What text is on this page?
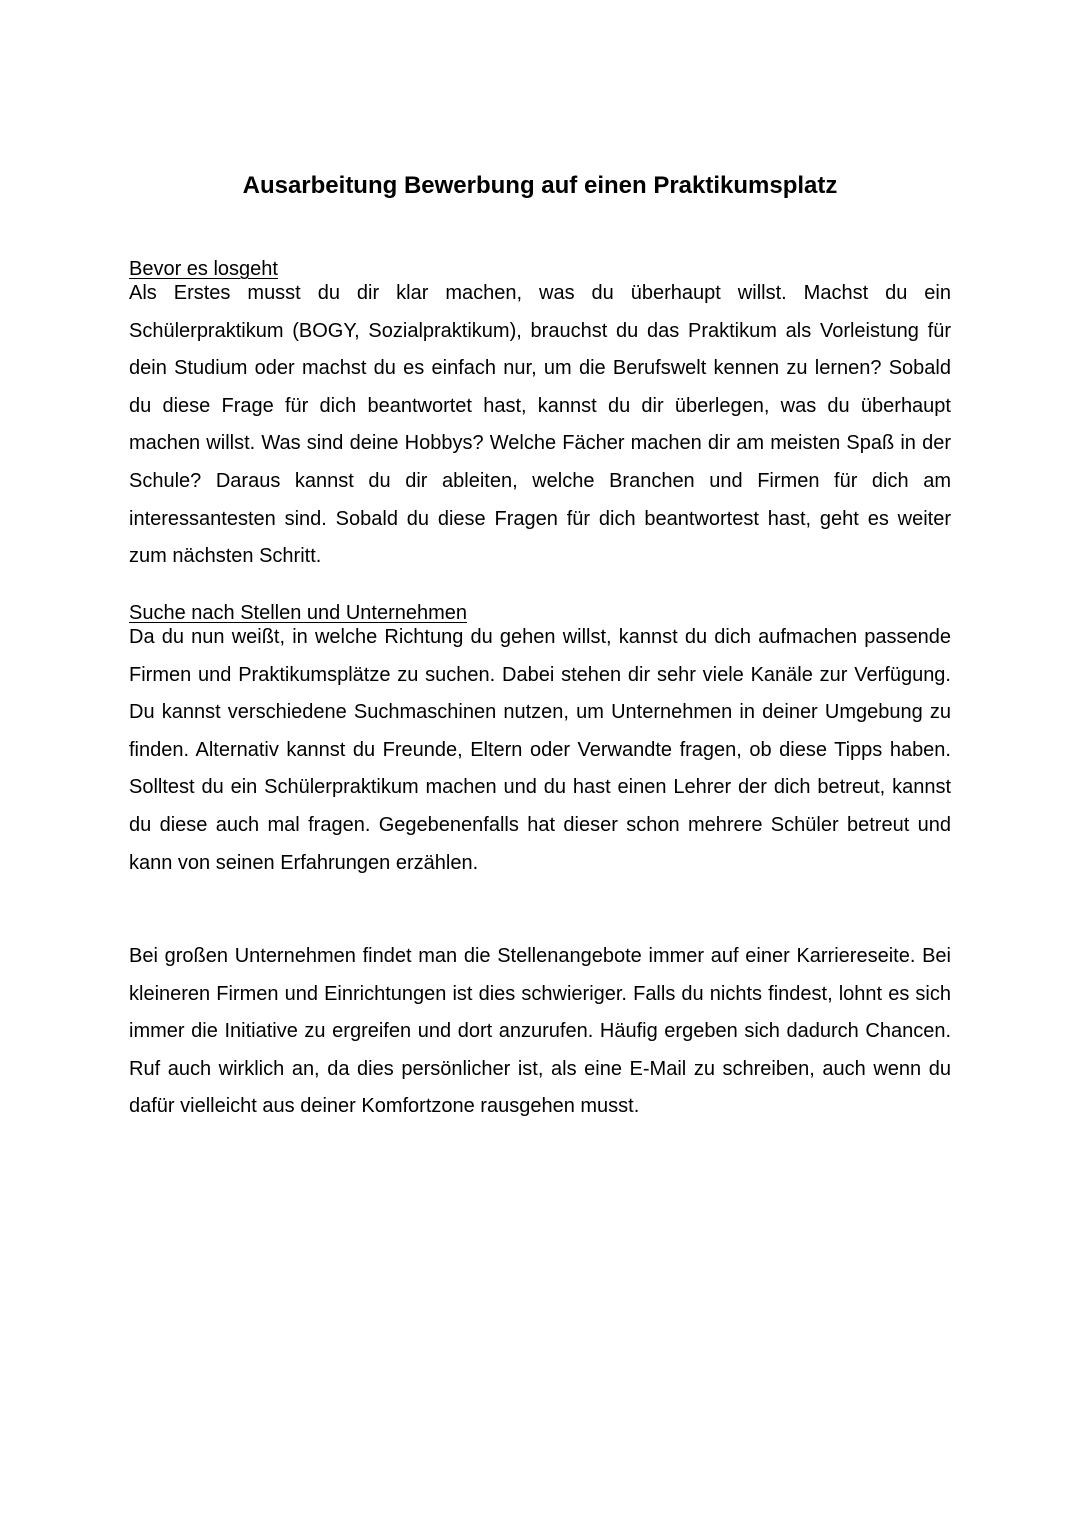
Ausarbeitung Bewerbung auf einen Praktikumsplatz
Bevor es losgeht

Als Erstes musst du dir klar machen, was du überhaupt willst. Machst du ein Schülerpraktikum (BOGY, Sozialpraktikum), brauchst du das Praktikum als Vorleistung für dein Studium oder machst du es einfach nur, um die Berufswelt kennen zu lernen? Sobald du diese Frage für dich beantwortet hast, kannst du dir überlegen, was du überhaupt machen willst. Was sind deine Hobbys? Welche Fächer machen dir am meisten Spaß in der Schule? Daraus kannst du dir ableiten, welche Branchen und Firmen für dich am interessantesten sind. Sobald du diese Fragen für dich beantwortest hast, geht es weiter zum nächsten Schritt.

Suche nach Stellen und Unternehmen

Da du nun weißt, in welche Richtung du gehen willst, kannst du dich aufmachen passende Firmen und Praktikumsplätze zu suchen. Dabei stehen dir sehr viele Kanäle zur Verfügung. Du kannst verschiedene Suchmaschinen nutzen, um Unternehmen in deiner Umgebung zu finden. Alternativ kannst du Freunde, Eltern oder Verwandte fragen, ob diese Tipps haben. Solltest du ein Schülerpraktikum machen und du hast einen Lehrer der dich betreut, kannst du diese auch mal fragen. Gegebenenfalls hat dieser schon mehrere Schüler betreut und kann von seinen Erfahrungen erzählen.

Bei großen Unternehmen findet man die Stellenangebote immer auf einer Karriereseite. Bei kleineren Firmen und Einrichtungen ist dies schwieriger. Falls du nichts findest, lohnt es sich immer die Initiative zu ergreifen und dort anzurufen. Häufig ergeben sich dadurch Chancen. Ruf auch wirklich an, da dies persönlicher ist, als eine E-Mail zu schreiben, auch wenn du dafür vielleicht aus deiner Komfortzone rausgehen musst.
